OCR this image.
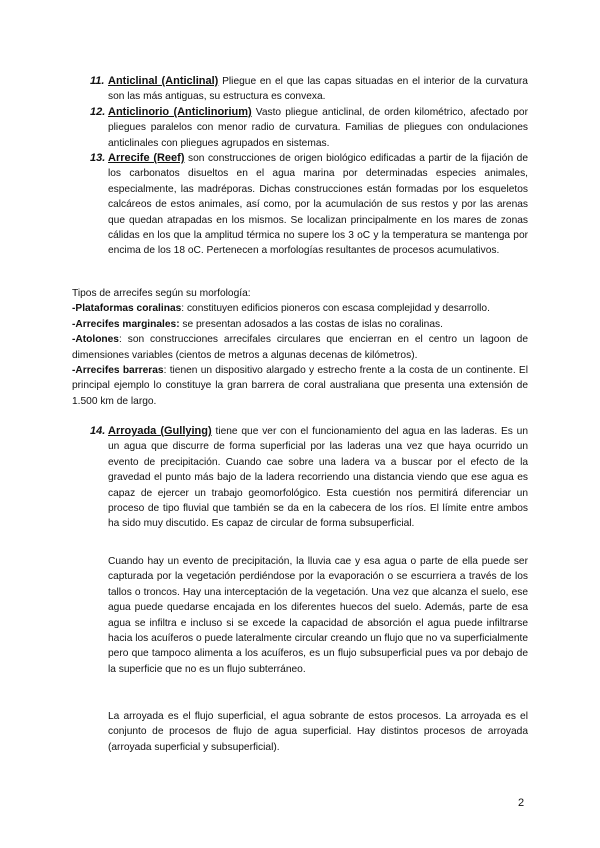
11. Anticlinal (Anticlinal) Pliegue en el que las capas situadas en el interior de la curvatura son las más antiguas, su estructura es convexa.
12. Anticlinorio (Anticlinorium) Vasto pliegue anticlinal, de orden kilométrico, afectado por pliegues paralelos con menor radio de curvatura. Familias de pliegues con ondulaciones anticlinales con pliegues agrupados en sistemas.
13. Arrecife (Reef) son construcciones de origen biológico edificadas a partir de la fijación de los carbonatos disueltos en el agua marina por determinadas especies animales, especialmente, las madréporas. Dichas construcciones están formadas por los esqueletos calcáreos de estos animales, así como, por la acumulación de sus restos y por las arenas que quedan atrapadas en los mismos. Se localizan principalmente en los mares de zonas cálidas en los que la amplitud térmica no supere los 3 oC y la temperatura se mantenga por encima de los 18 oC. Pertenecen a morfologías resultantes de procesos acumulativos.

Tipos de arrecifes según su morfología:

-Plataformas coralinas: constituyen edificios pioneros con escasa complejidad y desarrollo.

-Arrecifes marginales: se presentan adosados a las costas de islas no coralinas.

-Atolones: son construcciones arrecifales circulares que encierran en el centro un lagoon de dimensiones variables (cientos de metros a algunas decenas de kilómetros).

-Arrecifes barreras: tienen un dispositivo alargado y estrecho frente a la costa de un continente. El principal ejemplo lo constituye la gran barrera de coral australiana que presenta una extensión de 1.500 km de largo.

14. Arroyada (Gullying) tiene que ver con el funcionamiento del agua en las laderas. Es un un agua que discurre de forma superficial por las laderas una vez que haya ocurrido un evento de precipitación. Cuando cae sobre una ladera va a buscar por el efecto de la gravedad el punto más bajo de la ladera recorriendo una distancia viendo que ese agua es capaz de ejercer un trabajo geomorfológico. Esta cuestión nos permitirá diferenciar un proceso de tipo fluvial que también se da en la cabecera de los ríos. El límite entre ambos ha sido muy discutido. Es capaz de circular de forma subsuperficial.

Cuando hay un evento de precipitación, la lluvia cae y esa agua o parte de ella puede ser capturada por la vegetación perdiéndose por la evaporación o se escurriera a través de los tallos o troncos. Hay una interceptación de la vegetación. Una vez que alcanza el suelo, ese agua puede quedarse encajada en los diferentes huecos del suelo. Además, parte de esa agua se infiltra e incluso si se excede la capacidad de absorción el agua puede infiltrarse hacia los acuíferos o puede lateralmente circular creando un flujo que no va superficialmente pero que tampoco alimenta a los acuíferos, es un flujo subsuperficial pues va por debajo de la superficie que no es un flujo subterráneo.

La arroyada es el flujo superficial, el agua sobrante de estos procesos. La arroyada es el conjunto de procesos de flujo de agua superficial. Hay distintos procesos de arroyada (arroyada superficial y subsuperficial).

2
